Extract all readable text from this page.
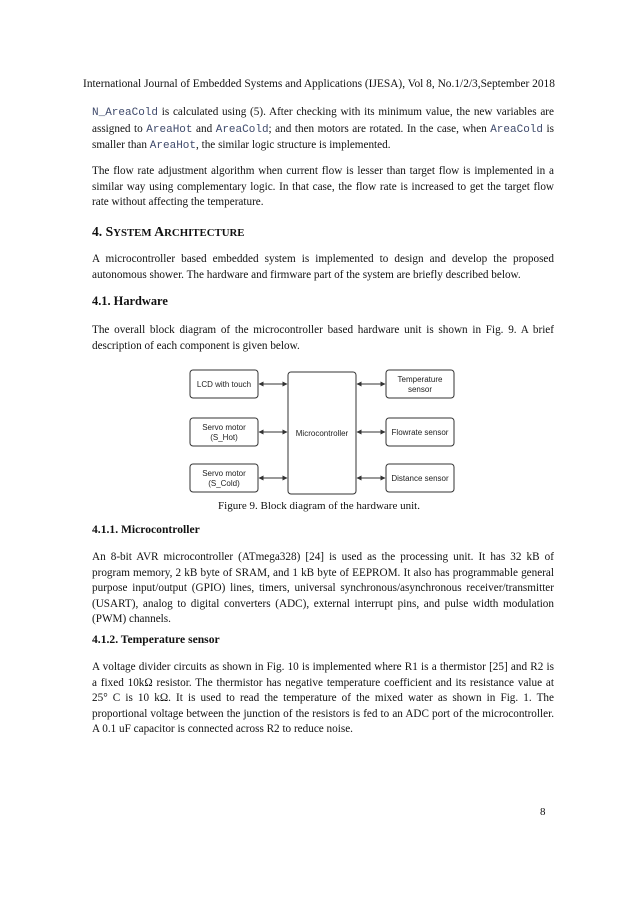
International Journal of Embedded Systems and Applications (IJESA), Vol 8, No.1/2/3,September 2018
N_AreaCold is calculated using (5). After checking with its minimum value, the new variables are assigned to AreaHot and AreaCold; and then motors are rotated. In the case, when AreaCold is smaller than AreaHot, the similar logic structure is implemented.
The flow rate adjustment algorithm when current flow is lesser than target flow is implemented in a similar way using complementary logic. In that case, the flow rate is increased to get the target flow rate without affecting the temperature.
4. SYSTEM ARCHITECTURE
A microcontroller based embedded system is implemented to design and develop the proposed autonomous shower. The hardware and firmware part of the system are briefly described below.
4.1. Hardware
The overall block diagram of the microcontroller based hardware unit is shown in Fig. 9. A brief description of each component is given below.
Microcontroller
LCD with touch
Servo motor
(S_Hot)
Servo motor
(S_Cold)
Temperature
sensor
Flowrate sensor
Distance sensor
Figure 9. Block diagram of the hardware unit.
4.1.1. Microcontroller
An 8-bit AVR microcontroller (ATmega328) [24] is used as the processing unit. It has 32 kB of program memory, 2 kB byte of SRAM, and 1 kB byte of EEPROM. It also has programmable general purpose input/output (GPIO) lines, timers, universal synchronous/asynchronous receiver/transmitter (USART), analog to digital converters (ADC), external interrupt pins, and pulse width modulation (PWM) channels.
4.1.2. Temperature sensor
A voltage divider circuits as shown in Fig. 10 is implemented where R1 is a thermistor [25] and R2 is a fixed 10kΩ resistor. The thermistor has negative temperature coefficient and its resistance value at 25° C is 10 kΩ. It is used to read the temperature of the mixed water as shown in Fig. 1. The proportional voltage between the junction of the resistors is fed to an ADC port of the microcontroller. A 0.1 uF capacitor is connected across R2 to reduce noise.
8
